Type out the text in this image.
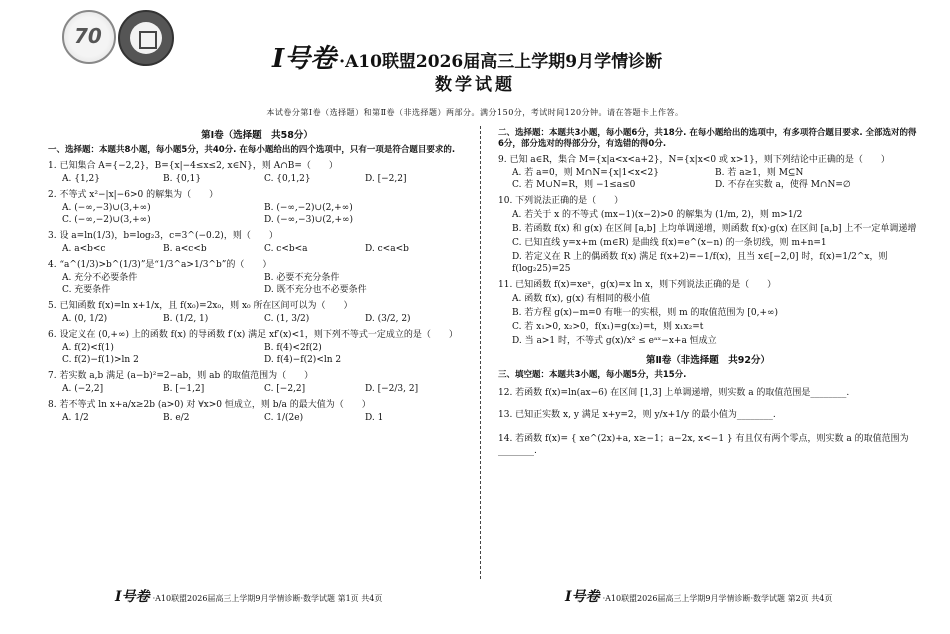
70
I号卷 ·A10联盟2026届高三上学期9月学情诊断
数学试题
本试卷分第Ⅰ卷（选择题）和第Ⅱ卷（非选择题）两部分。满分150分，考试时间120分钟。请在答题卡上作答。
第Ⅰ卷（选择题　共58分）
一、选择题：本题共8小题，每小题5分，共40分. 在每小题给出的四个选项中，只有一项是符合题目要求的.
1. 已知集合 A={−2,2}，B={x|−4≤x≤2, x∈N}，则 A∩B=（　　）
A. {1,2}	B. {0,1}	C. {0,1,2}	D. [−2,2]
2. 不等式 x²−|x|−6>0 的解集为（　　）
A. (−∞,−3)∪(3,+∞)	B. (−∞,−2)∪(2,+∞)
C. (−∞,−2)∪(3,+∞)	D. (−∞,−3)∪(2,+∞)
3. 设 a=ln(1/3)，b=log₂3，c=3^(−0.2)，则（　　）
A. a<b<c	B. a<c<b	C. c<b<a	D. c<a<b
4. “a^(1/3)>b^(1/3)”是“1/3^a>1/3^b”的（　　）
A. 充分不必要条件	B. 必要不充分条件
C. 充要条件	D. 既不充分也不必要条件
5. 已知函数 f(x)=ln x+1/x，且 f(x₀)=2x₀，则 x₀ 所在区间可以为（　　）
A. (0, 1/2)	B. (1/2, 1)	C. (1, 3/2)	D. (3/2, 2)
6. 设定义在 (0,+∞) 上的函数 f(x) 的导函数 f′(x) 满足 xf′(x)<1，则下列不等式一定成立的是（　　）
A. f(2)<f(1)	B. f(4)<2f(2)
C. f(2)−f(1)>ln 2	D. f(4)−f(2)<ln 2
7. 若实数 a,b 满足 (a−b)²=2−ab，则 ab 的取值范围为（　　）
A. (−2,2]	B. [−1,2]	C. [−2,2]	D. [−2/3, 2]
8. 若不等式 ln x+a/x≥2b (a>0) 对 ∀x>0 恒成立，则 b/a 的最大值为（　　）
A. 1/2	B. e/2	C. 1/(2e)	D. 1
二、选择题：本题共3小题，每小题6分，共18分. 在每小题给出的选项中，有多项符合题目要求. 全部选对的得6分，部分选对的得部分分，有选错的得0分.
9. 已知 a∈R，集合 M={x|a<x<a+2}，N={x|x<0 或 x>1}，则下列结论中正确的是（　　）
A. 若 a=0，则 M∩N={x|1<x<2}	B. 若 a≥1，则 M⊆N
C. 若 M∪N=R，则 −1≤a≤0	D. 不存在实数 a，使得 M∩N=∅
10. 下列说法正确的是（　　）
A. 若关于 x 的不等式 (mx−1)(x−2)>0 的解集为 (1/m, 2)，则 m>1/2
B. 若函数 f(x) 和 g(x) 在区间 [a,b] 上均单调递增，则函数 f(x)·g(x) 在区间 [a,b] 上不一定单调递增
C. 已知直线 y=x+m (m∈R) 是曲线 f(x)=e^(x−n) 的一条切线，则 m+n=1
D. 若定义在 R 上的偶函数 f(x) 满足 f(x+2)=−1/f(x)，且当 x∈[−2,0] 时，f(x)=1/2^x，则 f(log₂25)=25
11. 已知函数 f(x)=xeˣ，g(x)=x ln x，则下列说法正确的是（　　）
A. 函数 f(x), g(x) 有相同的极小值
B. 若方程 g(x)−m=0 有唯一的实根，则 m 的取值范围为 [0,+∞)
C. 若 x₁>0, x₂>0，f(x₁)=g(x₂)=t，则 x₁x₂=t
D. 当 a>1 时，不等式 g(x)/x² ≤ eᵃˣ−x+a 恒成立
第Ⅱ卷（非选择题　共92分）
三、填空题：本题共3小题，每小题5分，共15分.
12. 若函数 f(x)=ln(ax−6) 在区间 [1,3] 上单调递增，则实数 a 的取值范围是________.
13. 已知正实数 x, y 满足 x+y=2，则 y/x+1/y 的最小值为________.
14. 若函数 f(x)= { xe^(2x)+a, x≥−1；a−2x, x<−1 } 有且仅有两个零点，则实数 a 的取值范围为________.
I号卷 ·A10联盟2026届高三上学期9月学情诊断·数学试题 第1页 共4页	I号卷 ·A10联盟2026届高三上学期9月学情诊断·数学试题 第2页 共4页
